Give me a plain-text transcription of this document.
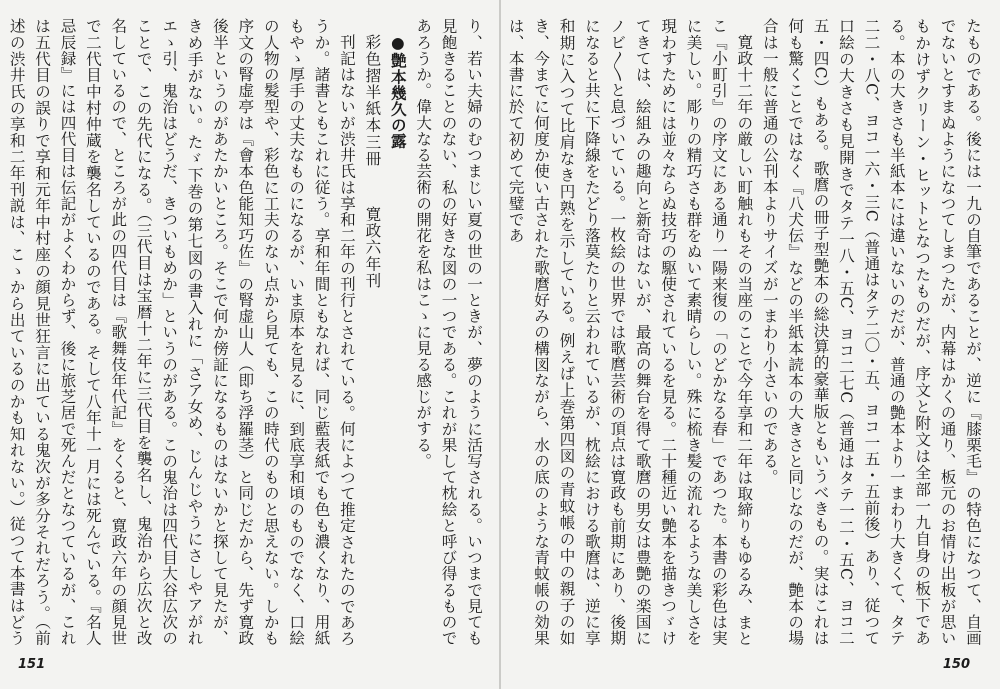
たものである。後には一九の自筆であることが、逆に『膝栗毛』の特色になつて、自画でないとすまぬようになつてしまつたが、内幕はかくの通り、板元のお情け出板が思いもかけずクリーン・ヒットとなつたものだが、序文と附文は全部一九自身の板下である。本の大きさも半紙本には違いないのだが、普通の艶本より一まわり大きくて、タテ二二・八C、ヨコ一六・三C（普通はタテ二〇・五、ヨコ一五・五前後）あり、従つて口絵の大きさも見開きでタテ一八・五C、ヨコ二七C（普通はタテ一二・五C、ヨコ二五・四C）もある。歌麿の冊子型艶本の総決算的豪華版ともいうべきもの。実はこれは何も驚くことではなく『八犬伝』などの半紙本読本の大きさと同じなのだが、艶本の場合は一般に普通の公刊本よりサイズが一まわり小さいのである。

寛政十二年の厳しい町触れもその当座のことで今年享和二年は取締りもゆるみ、まとこ『小町引』の序文にある通り一陽来復の「のどかなる春」であつた。本書の彩色は実に美しい。彫りの精巧さも群をぬいて素晴らしい。殊に梳き髪の流れるような美しさを現わすためには並々ならぬ技巧の駆使されているを見る。二十種近い艶本を描きつゞけてきては、絵組みの趣向と新奇はないが、最高の舞台を得て歌麿の男女は豊艶の楽国にノビ〳〵と息づいている。一枚絵の世界では歌麿芸術の頂点は寛政も前期にあり、後期になると共に下降線をたどり落莫たりと云われているが、枕絵における歌麿は、逆に享和期に入つて比肩なき円熟を示している。例えば上巻第四図の青蚊帳の中の親子の如き、今までに何度か使い古された歌麿好みの構図ながら、水の底のような青蚊帳の効果は、本書に於て初めて完璧であ

り、若い夫婦のむつまじい夏の世の一ときが、夢のように活写される。いつまで見ても見飽きることのない、私の好きな図の一つである。これが果して枕絵と呼び得るものであろうか。偉大なる芸術の開花を私はこゝに見る感じがする。

●艶本幾久の露

彩色摺半紙本三冊寛政六年刊

刊記はないが渋井氏は享和二年の刊行とされている。何によつて推定されたのであろうか。諸書ともこれに従う。享和年間ともなれば、同じ藍表紙でも色も濃くなり、用紙もやゝ厚手の丈夫なものになるが、いま原本を見るに、到底享和頃のものでなく、口絵の人物の髪型や、彩色に工夫のない点から見ても、この時代のものと思えない。しかも序文の腎虚亭は『會本色能知巧佐』の腎虚山人（即ち浮羅茎）と同じだから、先ず寛政後半というのがあたかいところ。そこで何か傍証になるものはないかと探して見たが、きめ手がない。たゞ下巻の第七図の書入れに「さア女め、じんじやうにさしやアがれエゝ引、鬼治はどうだ、きついもめか」というのがある。この鬼治は四代目大谷広次のことで、この先代になる。（三代目は宝暦十二年に三代目を襲名し、鬼治から広次と改名しているので、ところが此の四代目は『歌舞伎年代記』をくると、寛政六年の顔見世で二代目中村仲蔵を襲名しているのである。そして八年十一月には死んでいる。『名人忌辰録』には四代目は伝記がよくわからず、後に旅芝居で死んだとなつているが、これは五代目の誤りで享和元年中村座の顔見世狂言に出ている鬼次が多分それだろう。（前述の渋井氏の享和二年刊説は、こゝから出ているのかも知れない。）従つて本書はどう

151	150
